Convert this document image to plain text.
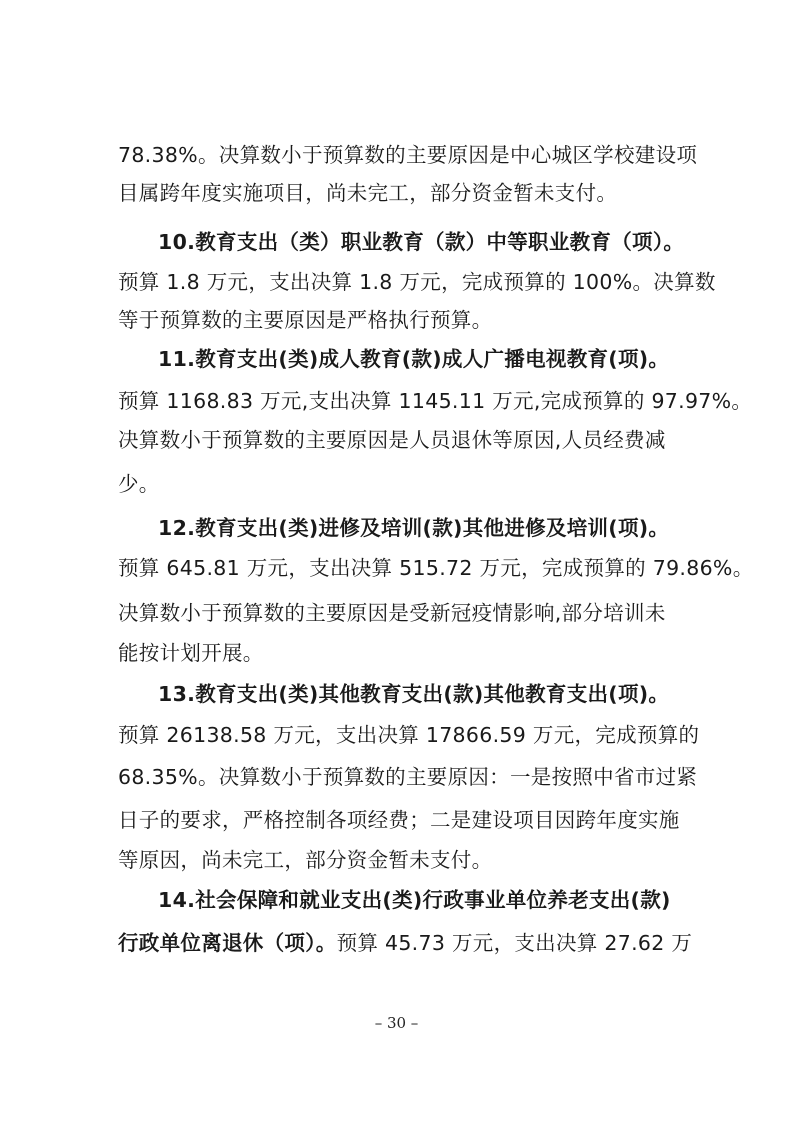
78.38%。决算数小于预算数的主要原因是中心城区学校建设项
目属跨年度实施项目，尚未完工，部分资金暂未支付。
10.教育支出（类）职业教育（款）中等职业教育（项）。
预算 1.8 万元，支出决算 1.8 万元，完成预算的 100%。决算数
等于预算数的主要原因是严格执行预算。
11.教育支出(类)成人教育(款)成人广播电视教育(项)。
预算 1168.83 万元,支出决算 1145.11 万元,完成预算的 97.97%。
决算数小于预算数的主要原因是人员退休等原因,人员经费减
少。
12.教育支出(类)进修及培训(款)其他进修及培训(项)。
预算 645.81 万元，支出决算 515.72 万元，完成预算的 79.86%。
决算数小于预算数的主要原因是受新冠疫情影响,部分培训未
能按计划开展。
13.教育支出(类)其他教育支出(款)其他教育支出(项)。
预算 26138.58 万元，支出决算 17866.59 万元，完成预算的
68.35%。决算数小于预算数的主要原因：一是按照中省市过紧
日子的要求，严格控制各项经费；二是建设项目因跨年度实施
等原因，尚未完工，部分资金暂未支付。
14.社会保障和就业支出(类)行政事业单位养老支出(款)
行政单位离退休（项）。预算 45.73 万元，支出决算 27.62 万
– 30 –
